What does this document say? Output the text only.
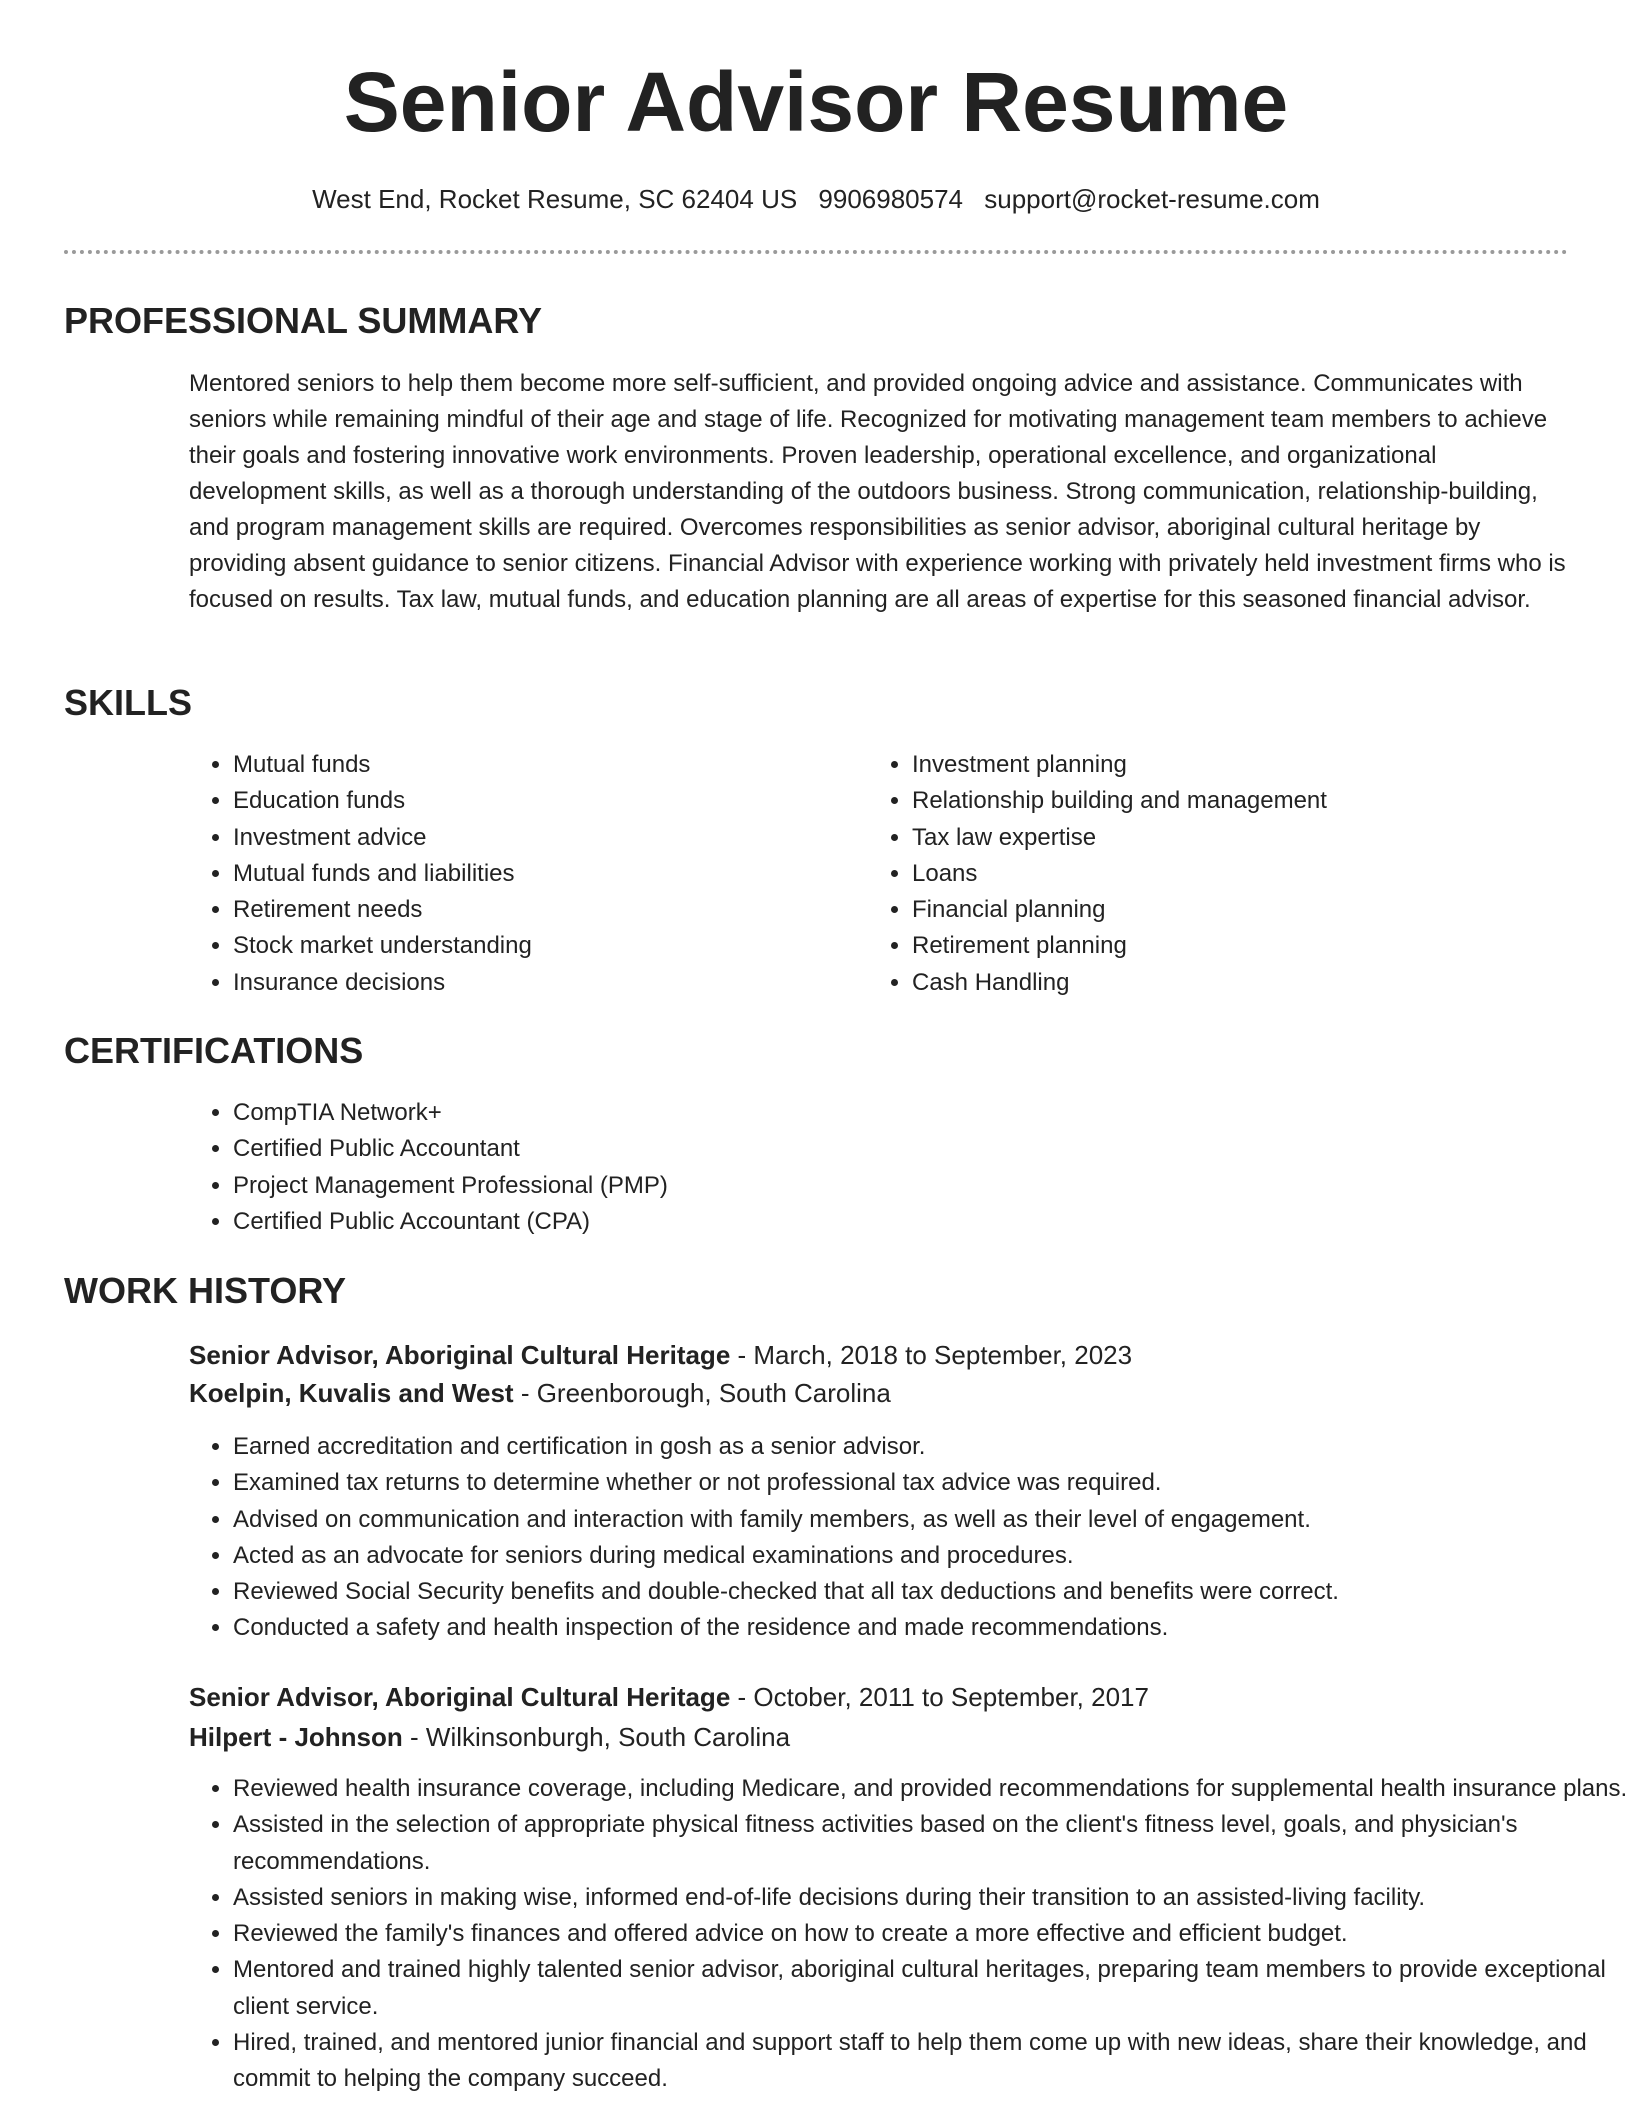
Senior Advisor Resume
West End, Rocket Resume, SC 62404 US 9906980574 support@rocket-resume.com
PROFESSIONAL SUMMARY

Mentored seniors to help them become more self-sufficient, and provided ongoing advice and assistance. Communicates with seniors while remaining mindful of their age and stage of life. Recognized for motivating management team members to achieve their goals and fostering innovative work environments. Proven leadership, operational excellence, and organizational development skills, as well as a thorough understanding of the outdoors business. Strong communication, relationship-building, and program management skills are required. Overcomes responsibilities as senior advisor, aboriginal cultural heritage by providing absent guidance to senior citizens. Financial Advisor with experience working with privately held investment firms who is focused on results. Tax law, mutual funds, and education planning are all areas of expertise for this seasoned financial advisor.

SKILLS
• Mutual funds
• Education funds
• Investment advice
• Mutual funds and liabilities
• Retirement needs
• Stock market understanding
• Insurance decisions
• Investment planning
• Relationship building and management
• Tax law expertise
• Loans
• Financial planning
• Retirement planning
• Cash Handling
CERTIFICATIONS
• CompTIA Network+
• Certified Public Accountant
• Project Management Professional (PMP)
• Certified Public Accountant (CPA)
WORK HISTORY
Senior Advisor, Aboriginal Cultural Heritage - March, 2018 to September, 2023
Koelpin, Kuvalis and West - Greenborough, South Carolina
• Earned accreditation and certification in gosh as a senior advisor.
• Examined tax returns to determine whether or not professional tax advice was required.
• Advised on communication and interaction with family members, as well as their level of engagement.
• Acted as an advocate for seniors during medical examinations and procedures.
• Reviewed Social Security benefits and double-checked that all tax deductions and benefits were correct.
• Conducted a safety and health inspection of the residence and made recommendations.
Senior Advisor, Aboriginal Cultural Heritage - October, 2011 to September, 2017
Hilpert - Johnson - Wilkinsonburgh, South Carolina
• Reviewed health insurance coverage, including Medicare, and provided recommendations for supplemental health insurance plans.
• Assisted in the selection of appropriate physical fitness activities based on the client's fitness level, goals, and physician's recommendations.
• Assisted seniors in making wise, informed end-of-life decisions during their transition to an assisted-living facility.
• Reviewed the family's finances and offered advice on how to create a more effective and efficient budget.
• Mentored and trained highly talented senior advisor, aboriginal cultural heritages, preparing team members to provide exceptional client service.
• Hired, trained, and mentored junior financial and support staff to help them come up with new ideas, share their knowledge, and commit to helping the company succeed.
